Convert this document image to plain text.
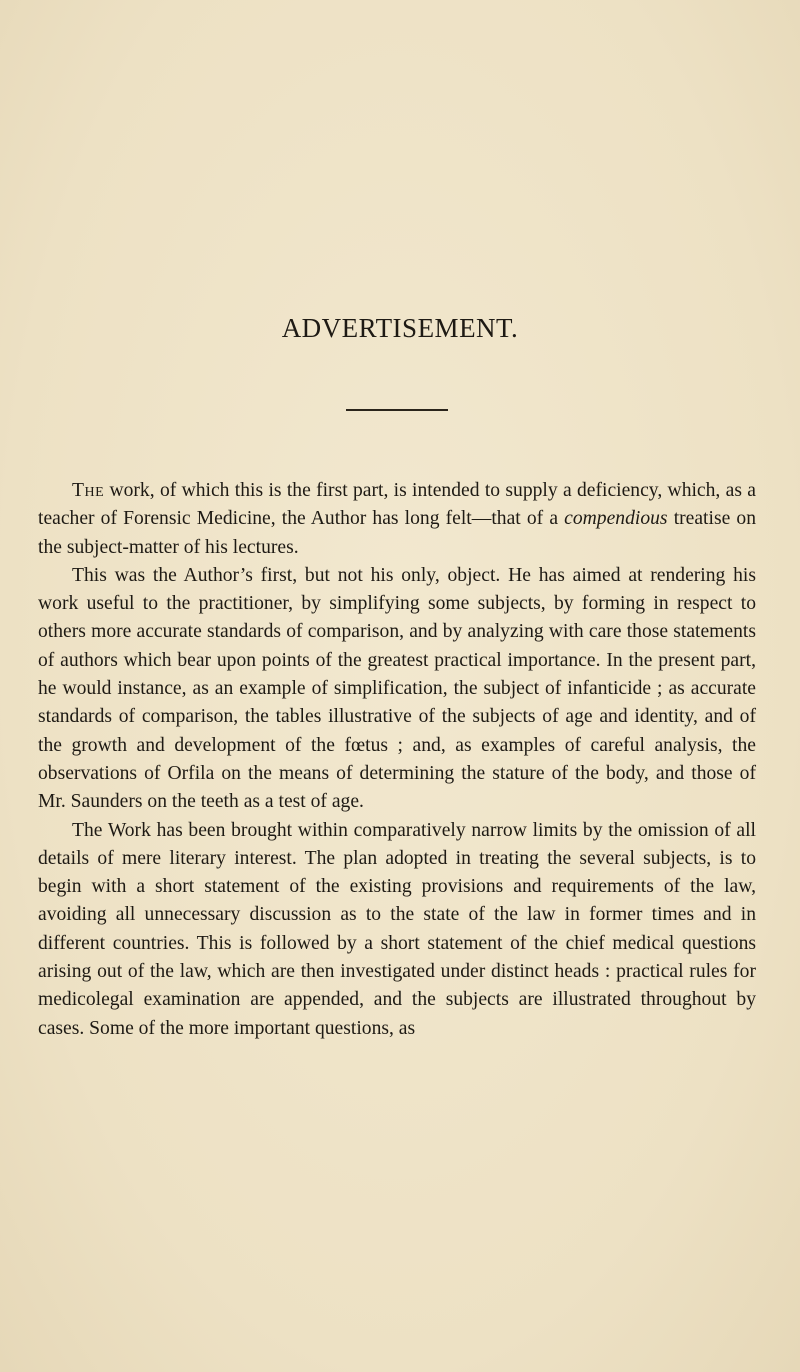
ADVERTISEMENT.

The work, of which this is the first part, is intended to supply a deficiency, which, as a teacher of Forensic Medicine, the Author has long felt—that of a compendious treatise on the subject-matter of his lectures.

This was the Author’s first, but not his only, object. He has aimed at rendering his work useful to the practitioner, by simplifying some subjects, by forming in respect to others more accurate standards of comparison, and by analyzing with care those statements of authors which bear upon points of the greatest practical importance. In the present part, he would instance, as an example of simplification, the subject of infanticide ; as accurate standards of comparison, the tables illustrative of the subjects of age and identity, and of the growth and development of the fœtus ; and, as examples of careful analysis, the observations of Orfila on the means of determining the stature of the body, and those of Mr. Saunders on the teeth as a test of age.

The Work has been brought within comparatively narrow limits by the omission of all details of mere literary interest. The plan adopted in treating the several subjects, is to begin with a short statement of the existing provisions and requirements of the law, avoiding all unnecessary discussion as to the state of the law in former times and in different countries. This is followed by a short statement of the chief medical questions arising out of the law, which are then investigated under distinct heads : practical rules for medicolegal examination are appended, and the subjects are illustrated throughout by cases. Some of the more important questions, as
